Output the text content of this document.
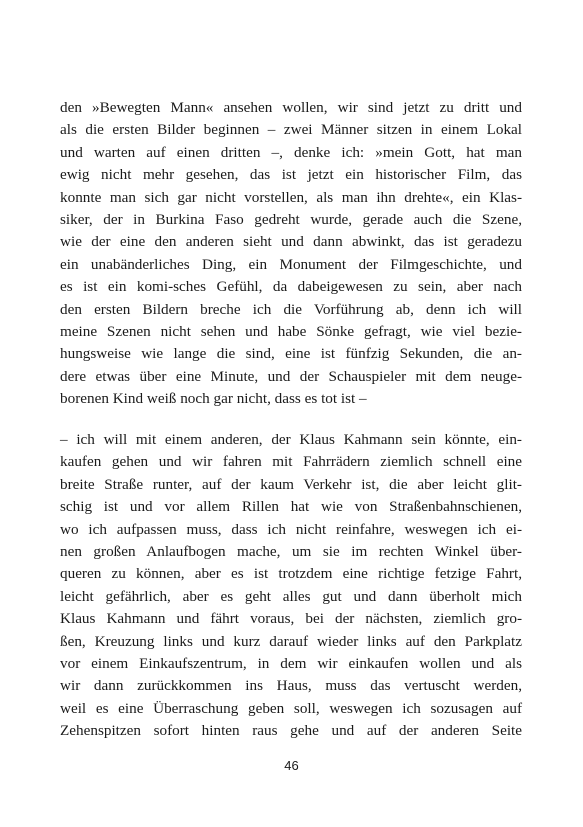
den »Bewegten Mann« ansehen wollen, wir sind jetzt zu dritt und
als die ersten Bilder beginnen – zwei Männer sitzen in einem Lokal
und warten auf einen dritten –, denke ich: »mein Gott, hat man
ewig nicht mehr gesehen, das ist jetzt ein historischer Film, das
konnte man sich gar nicht vorstellen, als man ihn drehte«, ein Klas-
siker, der in Burkina Faso gedreht wurde, gerade auch die Szene,
wie der eine den anderen sieht und dann abwinkt, das ist geradezu
ein unabänderliches Ding, ein Monument der Filmgeschichte, und
es ist ein komi-sches Gefühl, da dabeigewesen zu sein, aber nach
den ersten Bildern breche ich die Vorführung ab, denn ich will
meine Szenen nicht sehen und habe Sönke gefragt, wie viel bezie-
hungsweise wie lange die sind, eine ist fünfzig Sekunden, die an-
dere etwas über eine Minute, und der Schauspieler mit dem neuge-
borenen Kind weiß noch gar nicht, dass es tot ist –
– ich will mit einem anderen, der Klaus Kahmann sein könnte, ein-
kaufen gehen und wir fahren mit Fahrrädern ziemlich schnell eine
breite Straße runter, auf der kaum Verkehr ist, die aber leicht glit-
schig ist und vor allem Rillen hat wie von Straßenbahnschienen,
wo ich aufpassen muss, dass ich nicht reinfahre, weswegen ich ei-
nen großen Anlaufbogen mache, um sie im rechten Winkel über-
queren zu können, aber es ist trotzdem eine richtige fetzige Fahrt,
leicht gefährlich, aber es geht alles gut und dann überholt mich
Klaus Kahmann und fährt voraus, bei der nächsten, ziemlich gro-
ßen, Kreuzung links und kurz darauf wieder links auf den Parkplatz
vor einem Einkaufszentrum, in dem wir einkaufen wollen und als
wir dann zurückkommen ins Haus, muss das vertuscht werden,
weil es eine Überraschung geben soll, weswegen ich sozusagen auf
Zehenspitzen sofort hinten raus gehe und auf der anderen Seite
46
